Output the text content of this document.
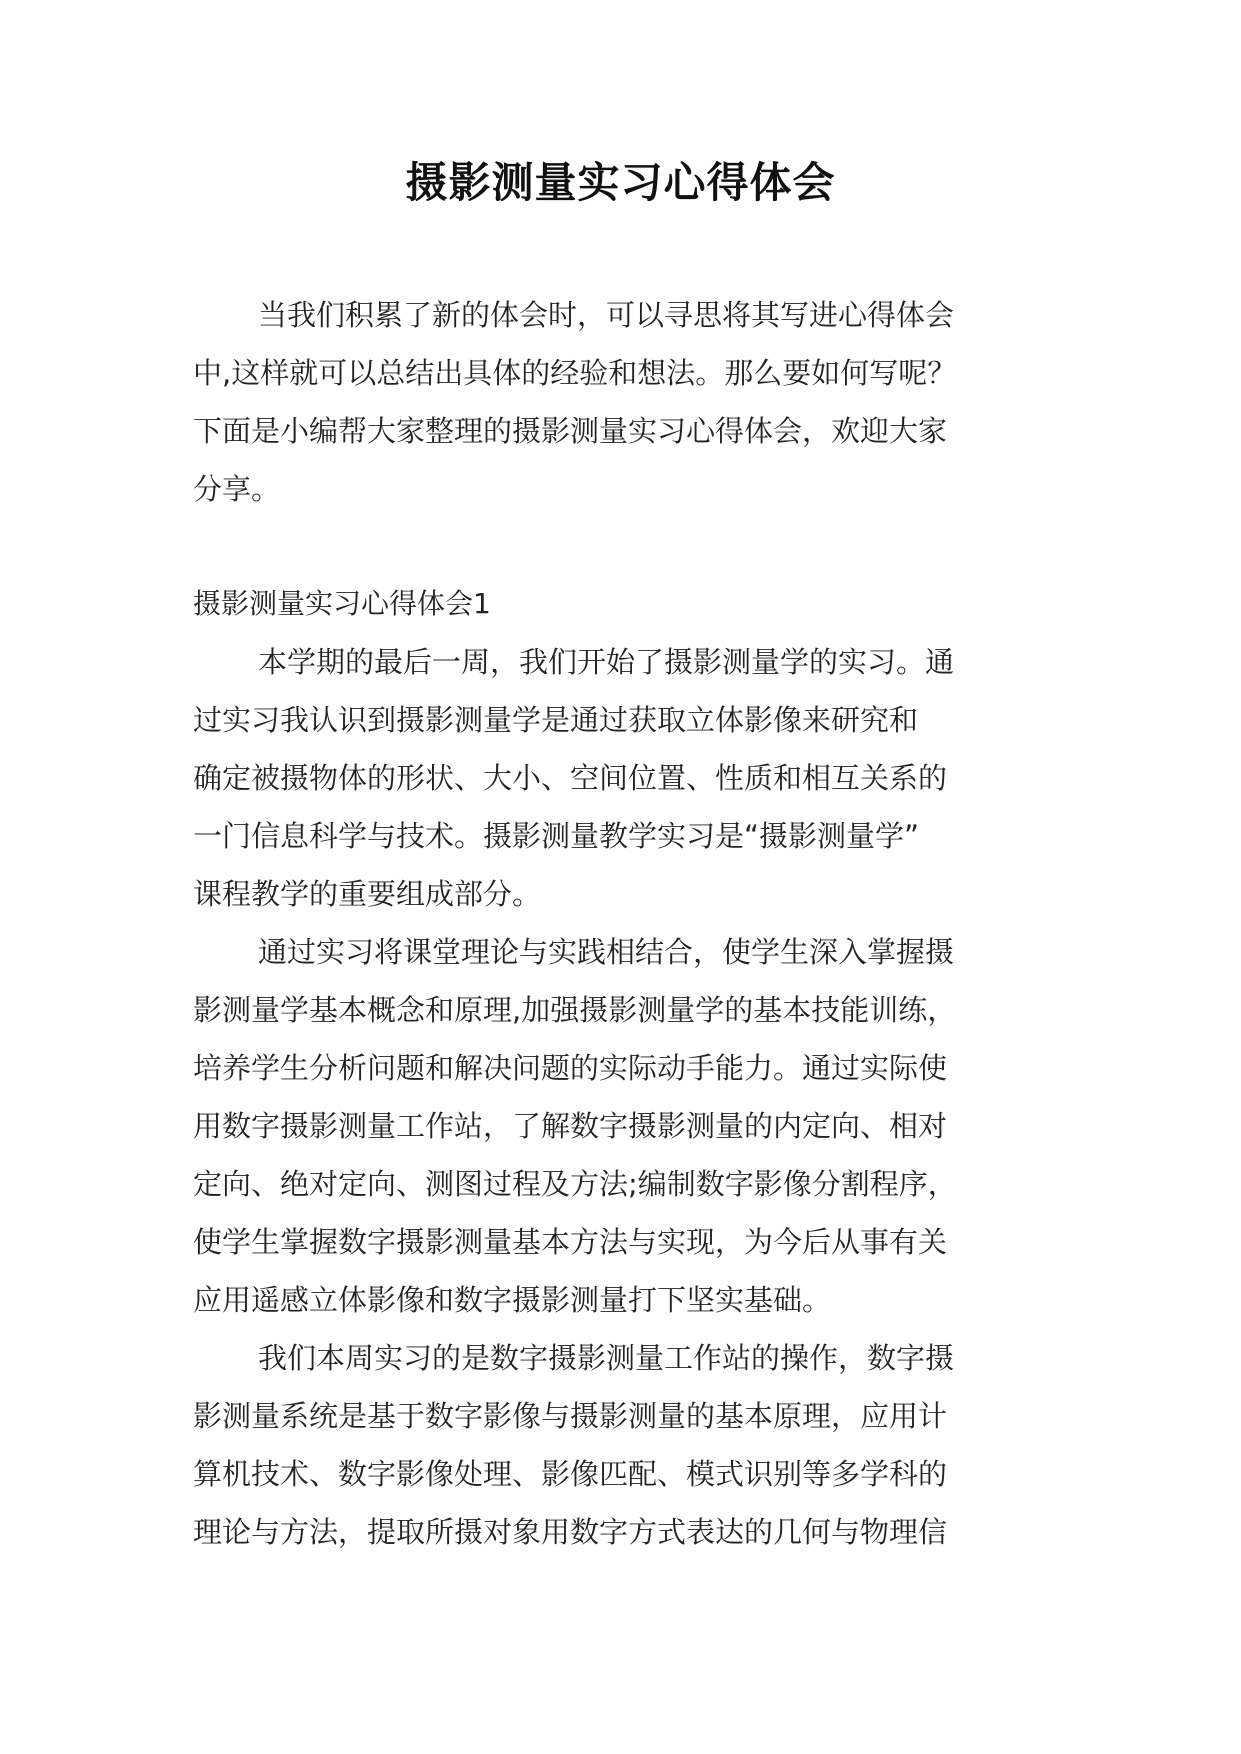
摄影测量实习心得体会

当我们积累了新的体会时，可以寻思将其写进心得体会

中,这样就可以总结出具体的经验和想法。那么要如何写呢？

下面是小编帮大家整理的摄影测量实习心得体会，欢迎大家

分享。

摄影测量实习心得体会1

本学期的最后一周，我们开始了摄影测量学的实习。通

过实习我认识到摄影测量学是通过获取立体影像来研究和

确定被摄物体的形状、大小、空间位置、性质和相互关系的

一门信息科学与技术。摄影测量教学实习是“摄影测量学”

课程教学的重要组成部分。

通过实习将课堂理论与实践相结合，使学生深入掌握摄

影测量学基本概念和原理,加强摄影测量学的基本技能训练，

培养学生分析问题和解决问题的实际动手能力。通过实际使

用数字摄影测量工作站，了解数字摄影测量的内定向、相对

定向、绝对定向、测图过程及方法;编制数字影像分割程序，

使学生掌握数字摄影测量基本方法与实现，为今后从事有关

应用遥感立体影像和数字摄影测量打下坚实基础。

我们本周实习的是数字摄影测量工作站的操作，数字摄

影测量系统是基于数字影像与摄影测量的基本原理，应用计

算机技术、数字影像处理、影像匹配、模式识别等多学科的

理论与方法，提取所摄对象用数字方式表达的几何与物理信
